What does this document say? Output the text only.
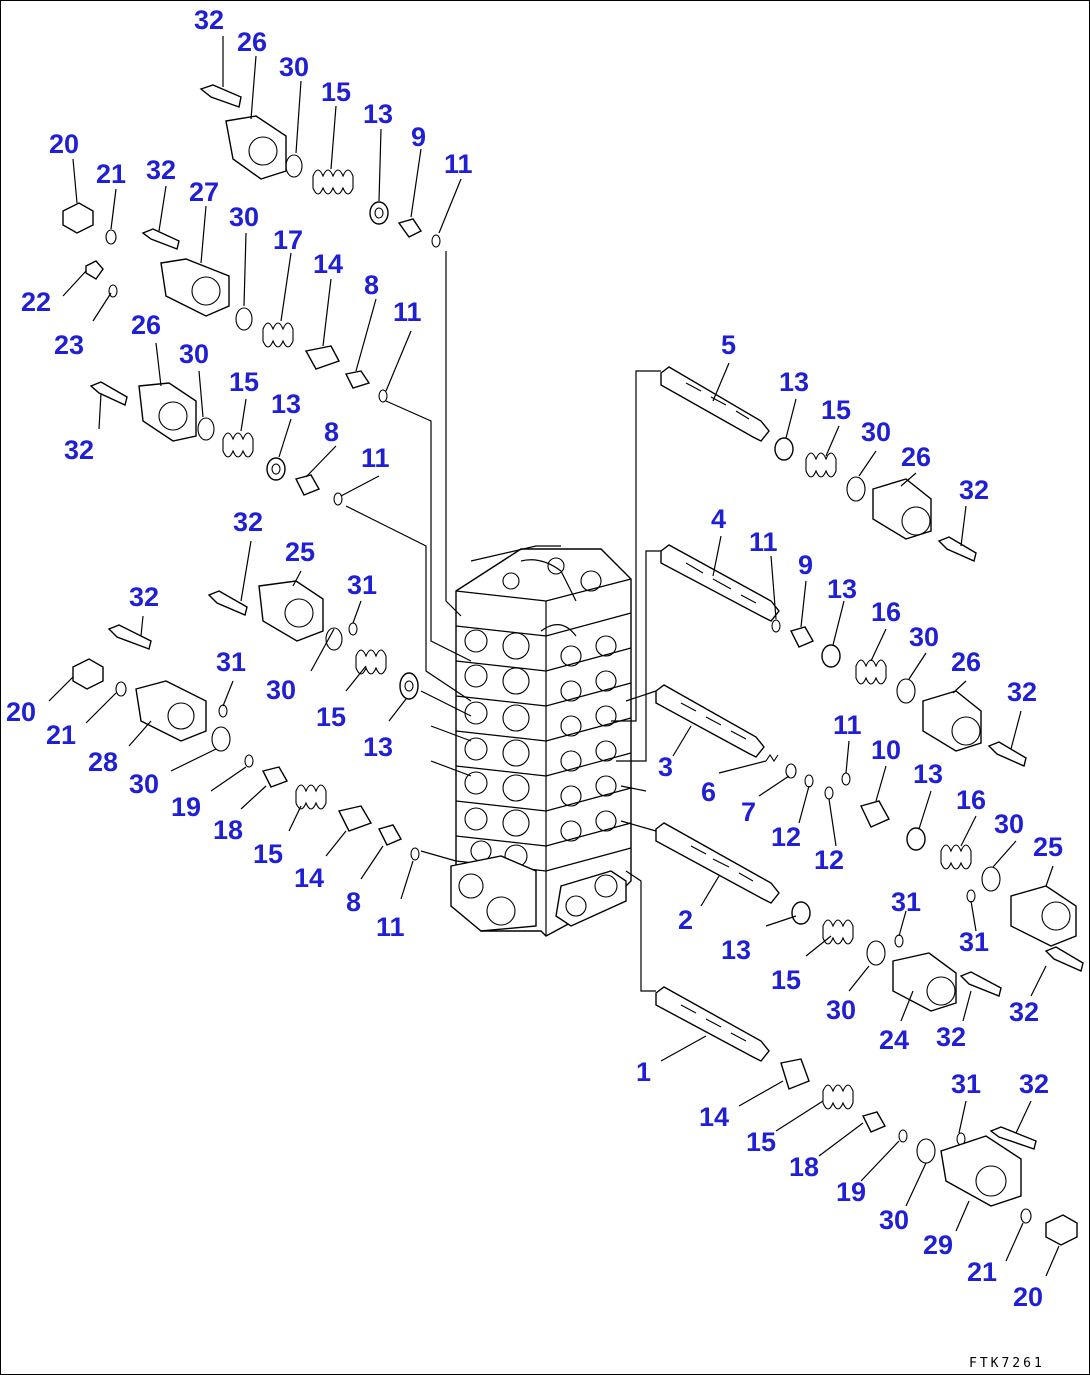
32
26
30
15
13
9
11
20
21 32
27
30
17
14
8
11
22
23
26
30
15
13
8
11
32
32
25
31
32
31
30
15
13
20
21
28
30
19
18
15
14
8
11
5
13
15
30
26
32
4
11
9
13
16
30
26
32
3
6
7
12
12
11
10
13
16
30
25
2
13
15
31
31
30
24 32
32
1
14
15
18
19
30
29
31 32
21
20
FTK7261
